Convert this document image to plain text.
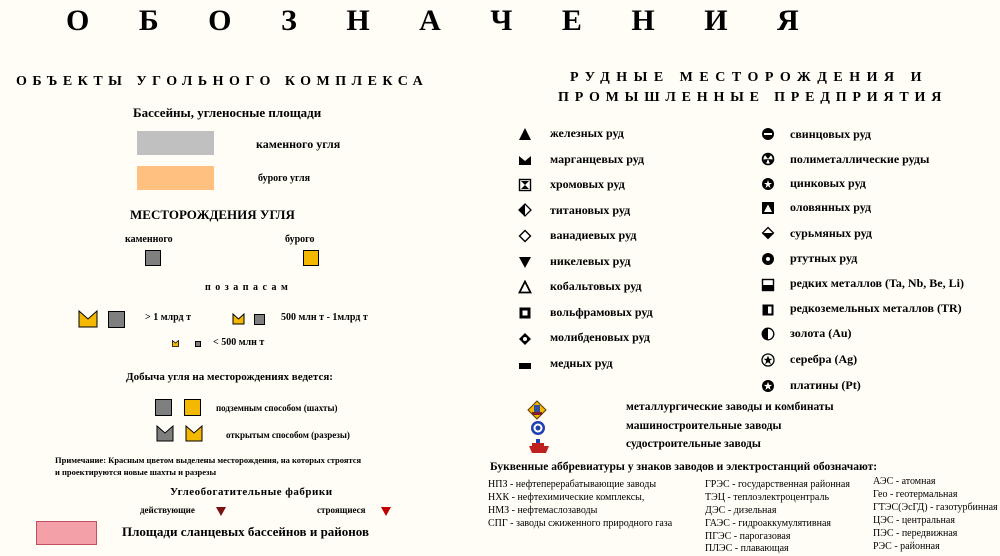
О Б О З Н А Ч Е Н И Я
ОБЪЕКТЫ УГОЛЬНОГО КОМПЛЕКСА
Бассейны, угленосные площади
каменного угля
бурого угля
МЕСТОРОЖДЕНИЯ УГЛЯ
каменного	бурого
п о з а п а с а м
> 1 млрд т	500 млн т - 1млрд т
< 500 млн т
Добыча угля на месторождениях ведется:
подземным способом (шахты)
открытым способом (разрезы)
Примечание: Красным цветом выделены месторождения, на которых строятся
и проектируются новые шахты и разрезы
Углеобогатительные фабрики
действующие	строящиеся
Площади сланцевых бассейнов и районов
РУДНЫЕ МЕСТОРОЖДЕНИЯ И
ПРОМЫШЛЕННЫЕ ПРЕДПРИЯТИЯ
железных руд
марганцевых руд
хромовых руд
титановых руд
ванадиевых руд
никелевых руд
кобальтовых руд
вольфрамовых руд
молибденовых руд
медных руд
свинцовых руд
полиметаллические руды
цинковых руд
оловянных руд
сурьмяных руд
ртутных руд
редких металлов (Ta, Nb, Be, Li)
редкоземельных металлов (TR)
золота (Au)
серебра (Ag)
платины (Pt)
металлургические заводы и комбинаты
машиностроительные заводы
судостроительные заводы
Буквенные аббревиатуры у знаков заводов и электростанций обозначают:
НПЗ - нефтеперерабатывающие заводы
НХК - нефтехимические комплексы,
НМЗ - нефтемаслозаводы
СПГ - заводы сжиженного природного газа
ГРЭС - государственная районная
ТЭЦ - теплоэлектроцентраль
ДЭС - дизельная
ГАЭС - гидроаккумулятивная
ПГЭС - парогазовая
ПЛЭС - плавающая
АЭС - атомная
Гео - геотермальная
ГТЭС(ЭсГД) - газотурбинная
ЦЭС - центральная
ПЭС - передвижная
РЭС - районная
